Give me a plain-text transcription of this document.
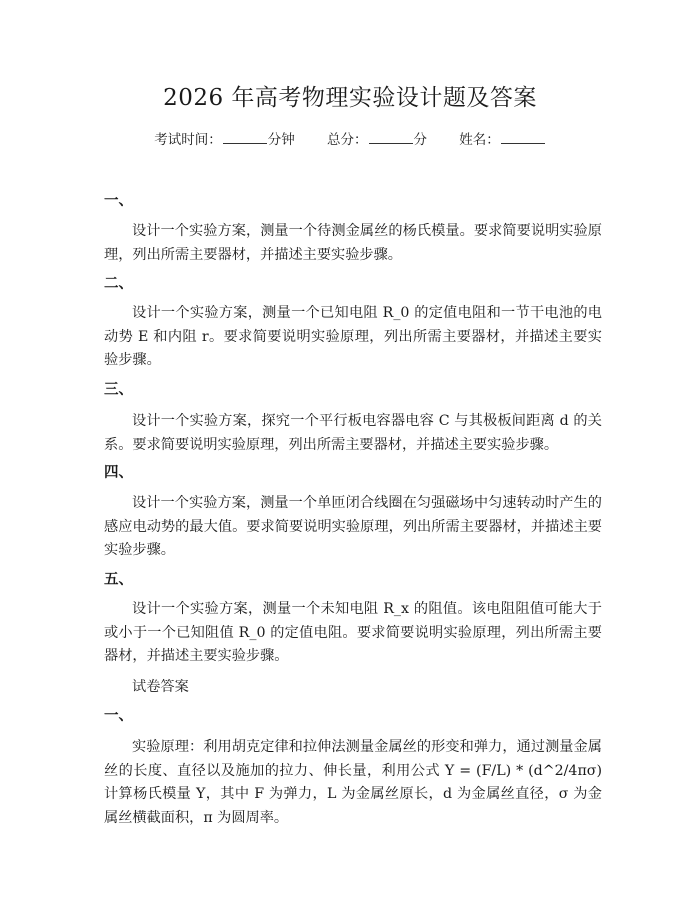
2026 年高考物理实验设计题及答案
考试时间：	分钟 总分：	分 姓名：
一、
设计一个实验方案，测量一个待测金属丝的杨氏模量。要求简要说明实验原理，列出所需主要器材，并描述主要实验步骤。
二、
设计一个实验方案，测量一个已知电阻 R_0 的定值电阻和一节干电池的电动势 E 和内阻 r。要求简要说明实验原理，列出所需主要器材，并描述主要实验步骤。
三、
设计一个实验方案，探究一个平行板电容器电容 C 与其极板间距离 d 的关系。要求简要说明实验原理，列出所需主要器材，并描述主要实验步骤。
四、
设计一个实验方案，测量一个单匝闭合线圈在匀强磁场中匀速转动时产生的感应电动势的最大值。要求简要说明实验原理，列出所需主要器材，并描述主要实验步骤。
五、
设计一个实验方案，测量一个未知电阻 R_x 的阻值。该电阻阻值可能大于或小于一个已知阻值 R_0 的定值电阻。要求简要说明实验原理，列出所需主要器材，并描述主要实验步骤。
试卷答案
一、
实验原理：利用胡克定律和拉伸法测量金属丝的形变和弹力，通过测量金属丝的长度、直径以及施加的拉力、伸长量，利用公式 Y = (F/L) * (d^2/4πσ) 计算杨氏模量 Y，其中 F 为弹力，L 为金属丝原长，d 为金属丝直径，σ 为金属丝横截面积，π 为圆周率。
